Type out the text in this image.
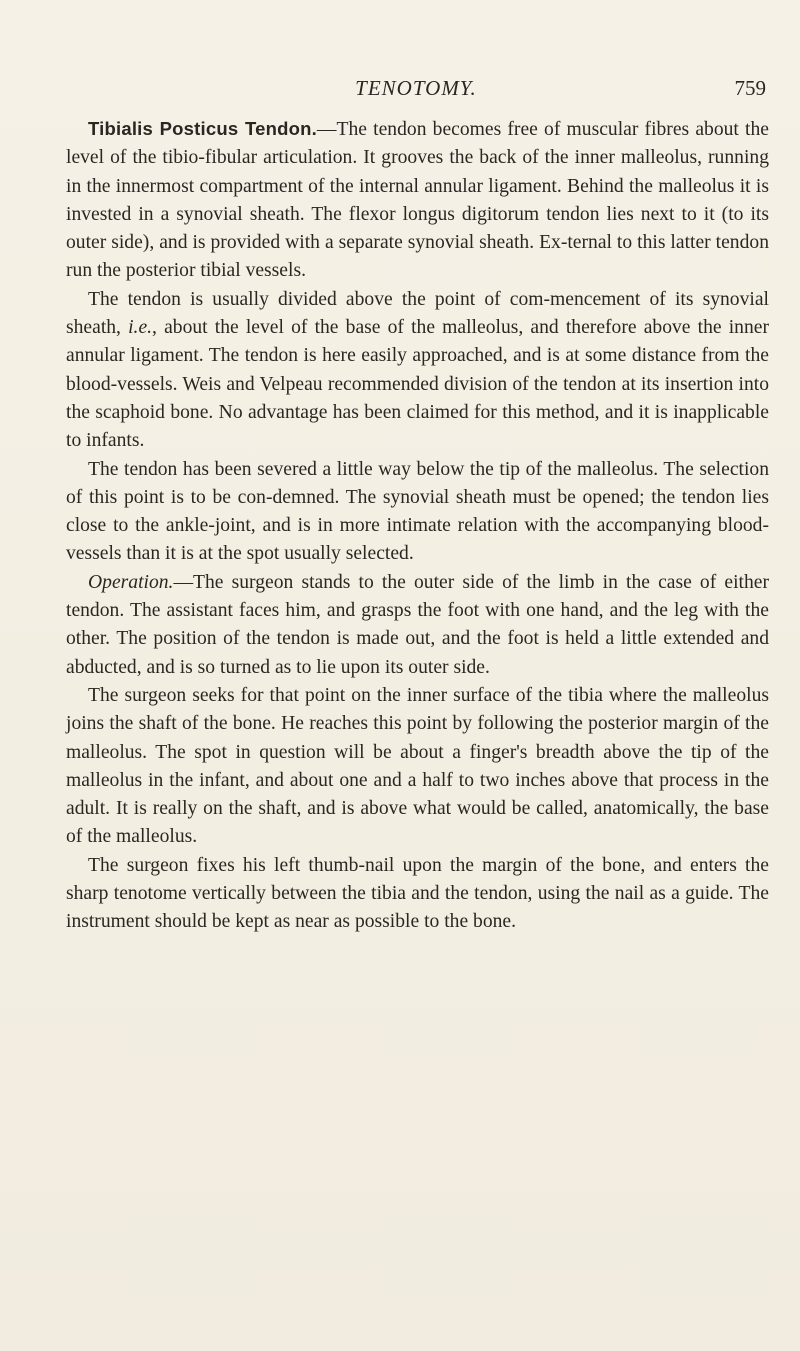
TENOTOMY.	759

Tibialis Posticus Tendon.—The tendon becomes free of muscular fibres about the level of the tibio-fibular articulation. It grooves the back of the inner malleolus, running in the innermost compartment of the internal annular ligament. Behind the malleolus it is invested in a synovial sheath. The flexor longus digitorum tendon lies next to it (to its outer side), and is provided with a separate synovial sheath. Ex-ternal to this latter tendon run the posterior tibial vessels.

The tendon is usually divided above the point of com-mencement of its synovial sheath, i.e., about the level of the base of the malleolus, and therefore above the inner annular ligament. The tendon is here easily approached, and is at some distance from the blood-vessels. Weis and Velpeau recommended division of the tendon at its insertion into the scaphoid bone. No advantage has been claimed for this method, and it is inapplicable to infants.

The tendon has been severed a little way below the tip of the malleolus. The selection of this point is to be con-demned. The synovial sheath must be opened; the tendon lies close to the ankle-joint, and is in more intimate relation with the accompanying blood-vessels than it is at the spot usually selected.

Operation.—The surgeon stands to the outer side of the limb in the case of either tendon. The assistant faces him, and grasps the foot with one hand, and the leg with the other. The position of the tendon is made out, and the foot is held a little extended and abducted, and is so turned as to lie upon its outer side.

The surgeon seeks for that point on the inner surface of the tibia where the malleolus joins the shaft of the bone. He reaches this point by following the posterior margin of the malleolus. The spot in question will be about a finger's breadth above the tip of the malleolus in the infant, and about one and a half to two inches above that process in the adult. It is really on the shaft, and is above what would be called, anatomically, the base of the malleolus.

The surgeon fixes his left thumb-nail upon the margin of the bone, and enters the sharp tenotome vertically between the tibia and the tendon, using the nail as a guide. The instrument should be kept as near as possible to the bone.
